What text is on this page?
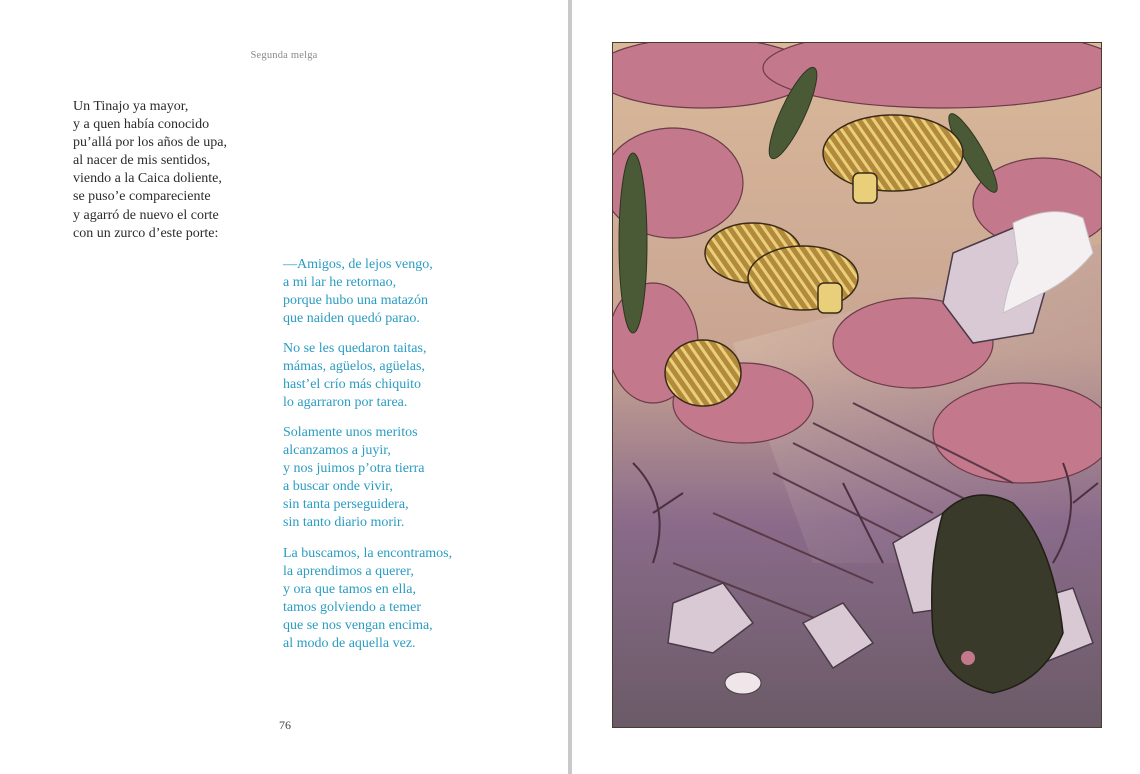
Segunda melga
Un Tinajo ya mayor,
y a quen había conocido
pu’allá por los años de upa,
al nacer de mis sentidos,
viendo a la Caica doliente,
se puso’e compareciente
y agarró de nuevo el corte
con un zurco d’este porte:
—Amigos, de lejos vengo,
a mi lar he retornao,
porque hubo una matazón
que naiden quedó parao.
No se les quedaron taitas,
mámas, agüelos, agüelas,
hast’el crío más chiquito
lo agarraron por tarea.
Solamente unos meritos
alcanzamos a juyir,
y nos juimos p’otra tierra
a buscar onde vivir,
sin tanta perseguidera,
sin tanto diario morir.
La buscamos, la encontramos,
la aprendimos a querer,
y ora que tamos en ella,
tamos golviendo a temer
que se nos vengan encima,
al modo de aquella vez.
76
